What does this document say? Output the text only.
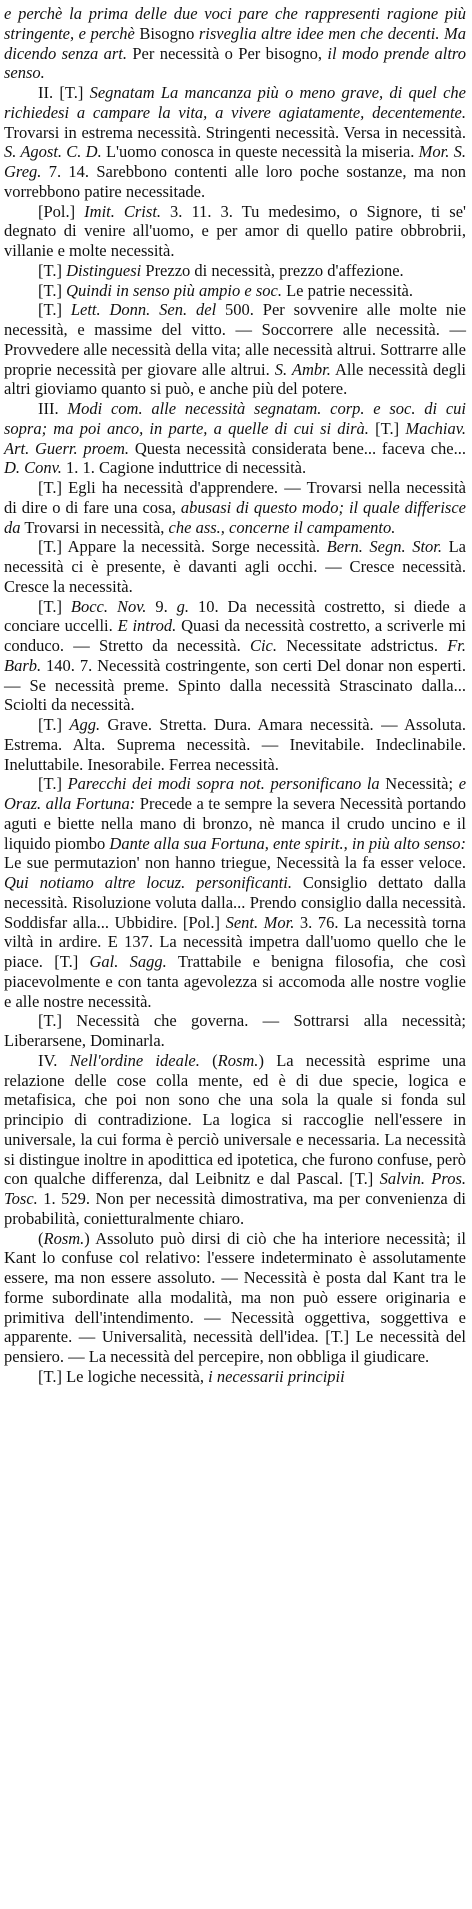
e perchè la prima delle due voci pare che rappresenti ragione più stringente, e perchè Bisogno risveglia altre idee men che decenti. Ma dicendo senza art. Per necessità o Per bisogno, il modo prende altro senso.

II. [T.] Segnatam La mancanza più o meno grave, di quel che richiedesi a campare la vita, a vivere agiatamente, decentemente. Trovarsi in estrema necessità. Stringenti necessità. Versa in necessità. S. Agost. C. D. L'uomo conosca in queste necessità la miseria. Mor. S. Greg. 7. 14. Sarebbono contenti alle loro poche sostanze, ma non vorrebbono patire necessitade.

[Pol.] Imit. Crist. 3. 11. 3. Tu medesimo, o Signore, ti se' degnato di venire all'uomo, e per amor di quello patire obbrobrii, villanie e molte necessità.

[T.] Distinguesi Prezzo di necessità, prezzo d'affezione.

[T.] Quindi in senso più ampio e soc. Le patrie necessità.

[T.] Lett. Donn. Sen. del 500. Per sovvenire alle molte nie necessità, e massime del vitto. — Soccorrere alle necessità. — Provvedere alle necessità della vita; alle necessità altrui. Sottrarre alle proprie necessità per giovare alle altrui. S. Ambr. Alle necessità degli altri gioviamo quanto si può, e anche più del potere.

III. Modi com. alle necessità segnatam. corp. e soc. di cui sopra; ma poi anco, in parte, a quelle di cui si dirà. [T.] Machiav. Art. Guerr. proem. Questa necessità considerata bene... faceva che... D. Conv. 1. 1. Cagione induttrice di necessità.

[T.] Egli ha necessità d'apprendere. — Trovarsi nella necessità di dire o di fare una cosa, abusasi di questo modo; il quale differisce da Trovarsi in necessità, che ass., concerne il campamento.

[T.] Appare la necessità. Sorge necessità. Bern. Segn. Stor. La necessità ci è presente, è davanti agli occhi. — Cresce necessità. Cresce la necessità.

[T.] Bocc. Nov. 9. g. 10. Da necessità costretto, si diede a conciare uccelli. E introd. Quasi da necessità costretto, a scriverle mi conduco. — Stretto da necessità. Cic. Necessitate adstrictus. Fr. Barb. 140. 7. Necessità costringente, son certi Del donar non esperti. — Se necessità preme. Spinto dalla necessità Strascinato dalla... Sciolti da necessità.

[T.] Agg. Grave. Stretta. Dura. Amara necessità. — Assoluta. Estrema. Alta. Suprema necessità. — Inevitabile. Indeclinabile. Ineluttabile. Inesorabile. Ferrea necessità.

[T.] Parecchi dei modi sopra not. personificano la Necessità; e Oraz. alla Fortuna: Precede a te sempre la severa Necessità portando aguti e biette nella mano di bronzo, nè manca il crudo uncino e il liquido piombo Dante alla sua Fortuna, ente spirit., in più alto senso: Le sue permutazion' non hanno triegue, Necessità la fa esser veloce. Qui notiamo altre locuz. personificanti. Consiglio dettato dalla necessità. Risoluzione voluta dalla... Prendo consiglio dalla necessità. Soddisfar alla... Ubbidire. [Pol.] Sent. Mor. 3. 76. La necessità torna viltà in ardire. E 137. La necessità impetra dall'uomo quello che le piace. [T.] Gal. Sagg. Trattabile e benigna filosofia, che così piacevolmente e con tanta agevolezza si accomoda alle nostre voglie e alle nostre necessità.

[T.] Necessità che governa. — Sottrarsi alla necessità; Liberarsene, Dominarla.

IV. Nell'ordine ideale. (Rosm.) La necessità esprime una relazione delle cose colla mente, ed è di due specie, logica e metafisica, che poi non sono che una sola la quale si fonda sul principio di contradizione. La logica si raccoglie nell'essere in universale, la cui forma è perciò universale e necessaria. La necessità si distingue inoltre in apodittica ed ipotetica, che furono confuse, però con qualche differenza, dal Leibnitz e dal Pascal. [T.] Salvin. Pros. Tosc. 1. 529. Non per necessità dimostrativa, ma per convenienza di probabilità, conietturalmente chiaro.

(Rosm.) Assoluto può dirsi di ciò che ha interiore necessità; il Kant lo confuse col relativo: l'essere indeterminato è assolutamente essere, ma non essere assoluto. — Necessità è posta dal Kant tra le forme subordinate alla modalità, ma non può essere originaria e primitiva dell'intendimento. — Necessità oggettiva, soggettiva e apparente. — Universalità, necessità dell'idea. [T.] Le necessità del pensiero. — La necessità del percepire, non obbliga il giudicare.

[T.] Le logiche necessità, i necessarii principii
